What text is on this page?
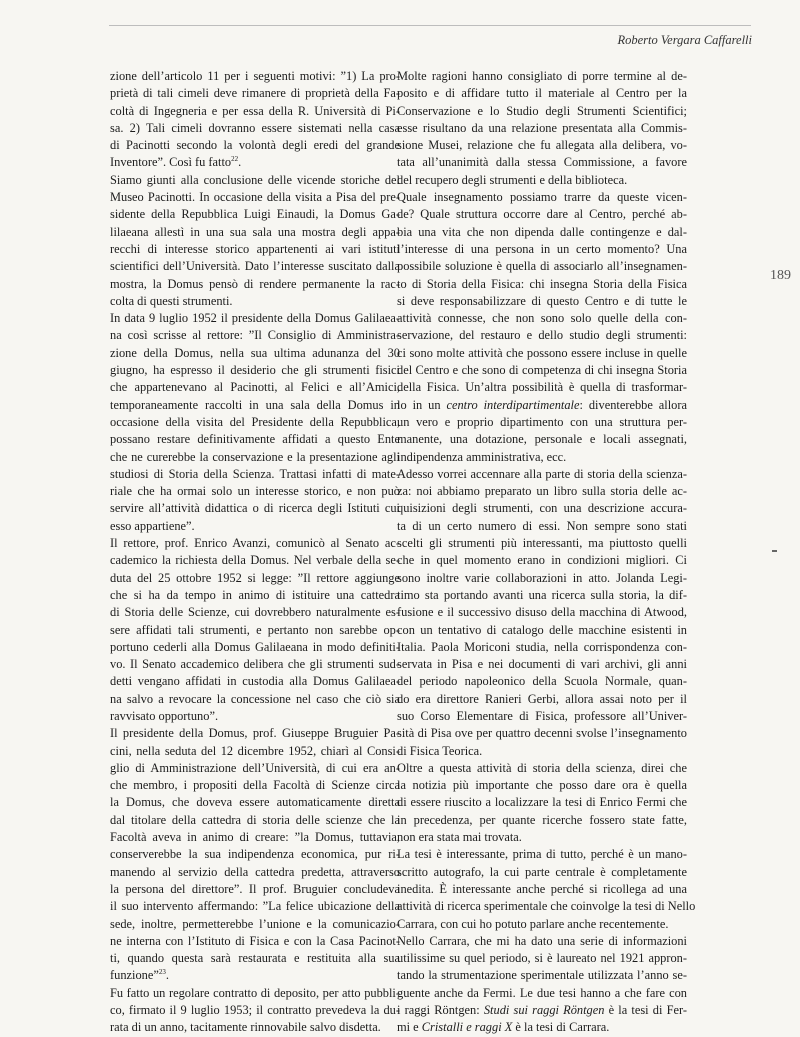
Roberto Vergara Caffarelli
189
zione dell’articolo 11 per i seguenti motivi: ”1) La pro-
prietà di tali cimeli deve rimanere di proprietà della Fa-
coltà di Ingegneria e per essa della R. Università di Pi-
sa. 2) Tali cimeli dovranno essere sistemati nella casa
di Pacinotti secondo la volontà degli eredi del grande
Inventore”. Così fu fatto$^{22}$.
Siamo giunti alla conclusione delle vicende storiche del
Museo Pacinotti. In occasione della visita a Pisa del pre-
sidente della Repubblica Luigi Einaudi, la Domus Ga-
lilaeana allestì in una sua sala una mostra degli appa-
recchi di interesse storico appartenenti ai vari istituti
scientifici dell’Università. Dato l’interesse suscitato dalla
mostra, la Domus pensò di rendere permanente la rac-
colta di questi strumenti.
In data 9 luglio 1952 il presidente della Domus Galilaea-
na così scrisse al rettore: ”Il Consiglio di Amministra-
zione della Domus, nella sua ultima adunanza del 30
giugno, ha espresso il desiderio che gli strumenti fisici
che appartenevano al Pacinotti, al Felici e all’Amici,
temporaneamente raccolti in una sala della Domus in
occasione della visita del Presidente della Repubblica,
possano restare definitivamente affidati a questo Ente
che ne curerebbe la conservazione e la presentazione agli
studiosi di Storia della Scienza. Trattasi infatti di mate-
riale che ha ormai solo un interesse storico, e non può
servire all’attività didattica o di ricerca degli Istituti cui
esso appartiene”.
Il rettore, prof. Enrico Avanzi, comunicò al Senato ac-
cademico la richiesta della Domus. Nel verbale della se-
duta del 25 ottobre 1952 si legge: ”Il rettore aggiunge
che si ha da tempo in animo di istituire una cattedra
di Storia delle Scienze, cui dovrebbero naturalmente es-
sere affidati tali strumenti, e pertanto non sarebbe op-
portuno cederli alla Domus Galilaeana in modo definiti-
vo. Il Senato accademico delibera che gli strumenti sud-
detti vengano affidati in custodia alla Domus Galilaea-
na salvo a revocare la concessione nel caso che ciò sia
ravvisato opportuno”.
Il presidente della Domus, prof. Giuseppe Bruguier Pa-
cini, nella seduta del 12 dicembre 1952, chiarì al Consi-
glio di Amministrazione dell’Università, di cui era an-
che membro, i propositi della Facoltà di Scienze circa
la Domus, che doveva essere automaticamente diretta
dal titolare della cattedra di storia delle scienze che la
Facoltà aveva in animo di creare: ”la Domus, tuttavia,
conserverebbe la sua indipendenza economica, pur ri-
manendo al servizio della cattedra predetta, attraverso
la persona del direttore”. Il prof. Bruguier concludeva
il suo intervento affermando: ”La felice ubicazione della
sede, inoltre, permetterebbe l’unione e la comunicazio-
ne interna con l’Istituto di Fisica e con la Casa Pacinot-
ti, quando questa sarà restaurata e restituita alla sua
funzione”$^{23}$.
Fu fatto un regolare contratto di deposito, per atto pubbli-
co, firmato il 9 luglio 1953; il contratto prevedeva la du-
rata di un anno, tacitamente rinnovabile salvo disdetta.
Molte ragioni hanno consigliato di porre termine al de-
posito e di affidare tutto il materiale al Centro per la
Conservazione e lo Studio degli Strumenti Scientifici;
esse risultano da una relazione presentata alla Commis-
sione Musei, relazione che fu allegata alla delibera, vo-
tata all’unanimità dalla stessa Commissione, a favore
del recupero degli strumenti e della biblioteca.
Quale insegnamento possiamo trarre da queste vicen-
de? Quale struttura occorre dare al Centro, perché ab-
bia una vita che non dipenda dalle contingenze e dal-
l’interesse di una persona in un certo momento? Una
possibile soluzione è quella di associarlo all’insegnamen-
to di Storia della Fisica: chi insegna Storia della Fisica
si deve responsabilizzare di questo Centro e di tutte le
attività connesse, che non sono solo quelle della con-
servazione, del restauro e dello studio degli strumenti:
ci sono molte attività che possono essere incluse in quelle
del Centro e che sono di competenza di chi insegna Storia
della Fisica. Un’altra possibilità è quella di trasformar-
lo in un centro interdipartimentale: diventerebbe allora
un vero e proprio dipartimento con una struttura per-
manente, una dotazione, personale e locali assegnati,
indipendenza amministrativa, ecc.
Adesso vorrei accennare alla parte di storia della scienza-
za: noi abbiamo preparato un libro sulla storia delle ac-
quisizioni degli strumenti, con una descrizione accura-
ta di un certo numero di essi. Non sempre sono stati
scelti gli strumenti più interessanti, ma piuttosto quelli
che in quel momento erano in condizioni migliori. Ci
sono inoltre varie collaborazioni in atto. Jolanda Legi-
timo sta portando avanti una ricerca sulla storia, la dif-
fusione e il successivo disuso della macchina di Atwood,
con un tentativo di catalogo delle macchine esistenti in
Italia. Paola Moriconi studia, nella corrispondenza con-
servata in Pisa e nei documenti di vari archivi, gli anni
del periodo napoleonico della Scuola Normale, quan-
do era direttore Ranieri Gerbi, allora assai noto per il
suo Corso Elementare di Fisica, professore all’Univer-
sità di Pisa ove per quattro decenni svolse l’insegnamento
di Fisica Teorica.
Oltre a questa attività di storia della scienza, direi che
la notizia più importante che posso dare ora è quella
di essere riuscito a localizzare la tesi di Enrico Fermi che
in precedenza, per quante ricerche fossero state fatte,
non era stata mai trovata.
La tesi è interessante, prima di tutto, perché è un mano-
scritto autografo, la cui parte centrale è completamente
inedita. È interessante anche perché si ricollega ad una
attività di ricerca sperimentale che coinvolge la tesi di Nello
Carrara, con cui ho potuto parlare anche recentemente.
Nello Carrara, che mi ha dato una serie di informazioni
utilissime su quel periodo, si è laureato nel 1921 appron-
tando la strumentazione sperimentale utilizzata l’anno se-
guente anche da Fermi. Le due tesi hanno a che fare con
i raggi Röntgen: Studi sui raggi Röntgen è la tesi di Fer-
mi e Cristalli e raggi X è la tesi di Carrara.
